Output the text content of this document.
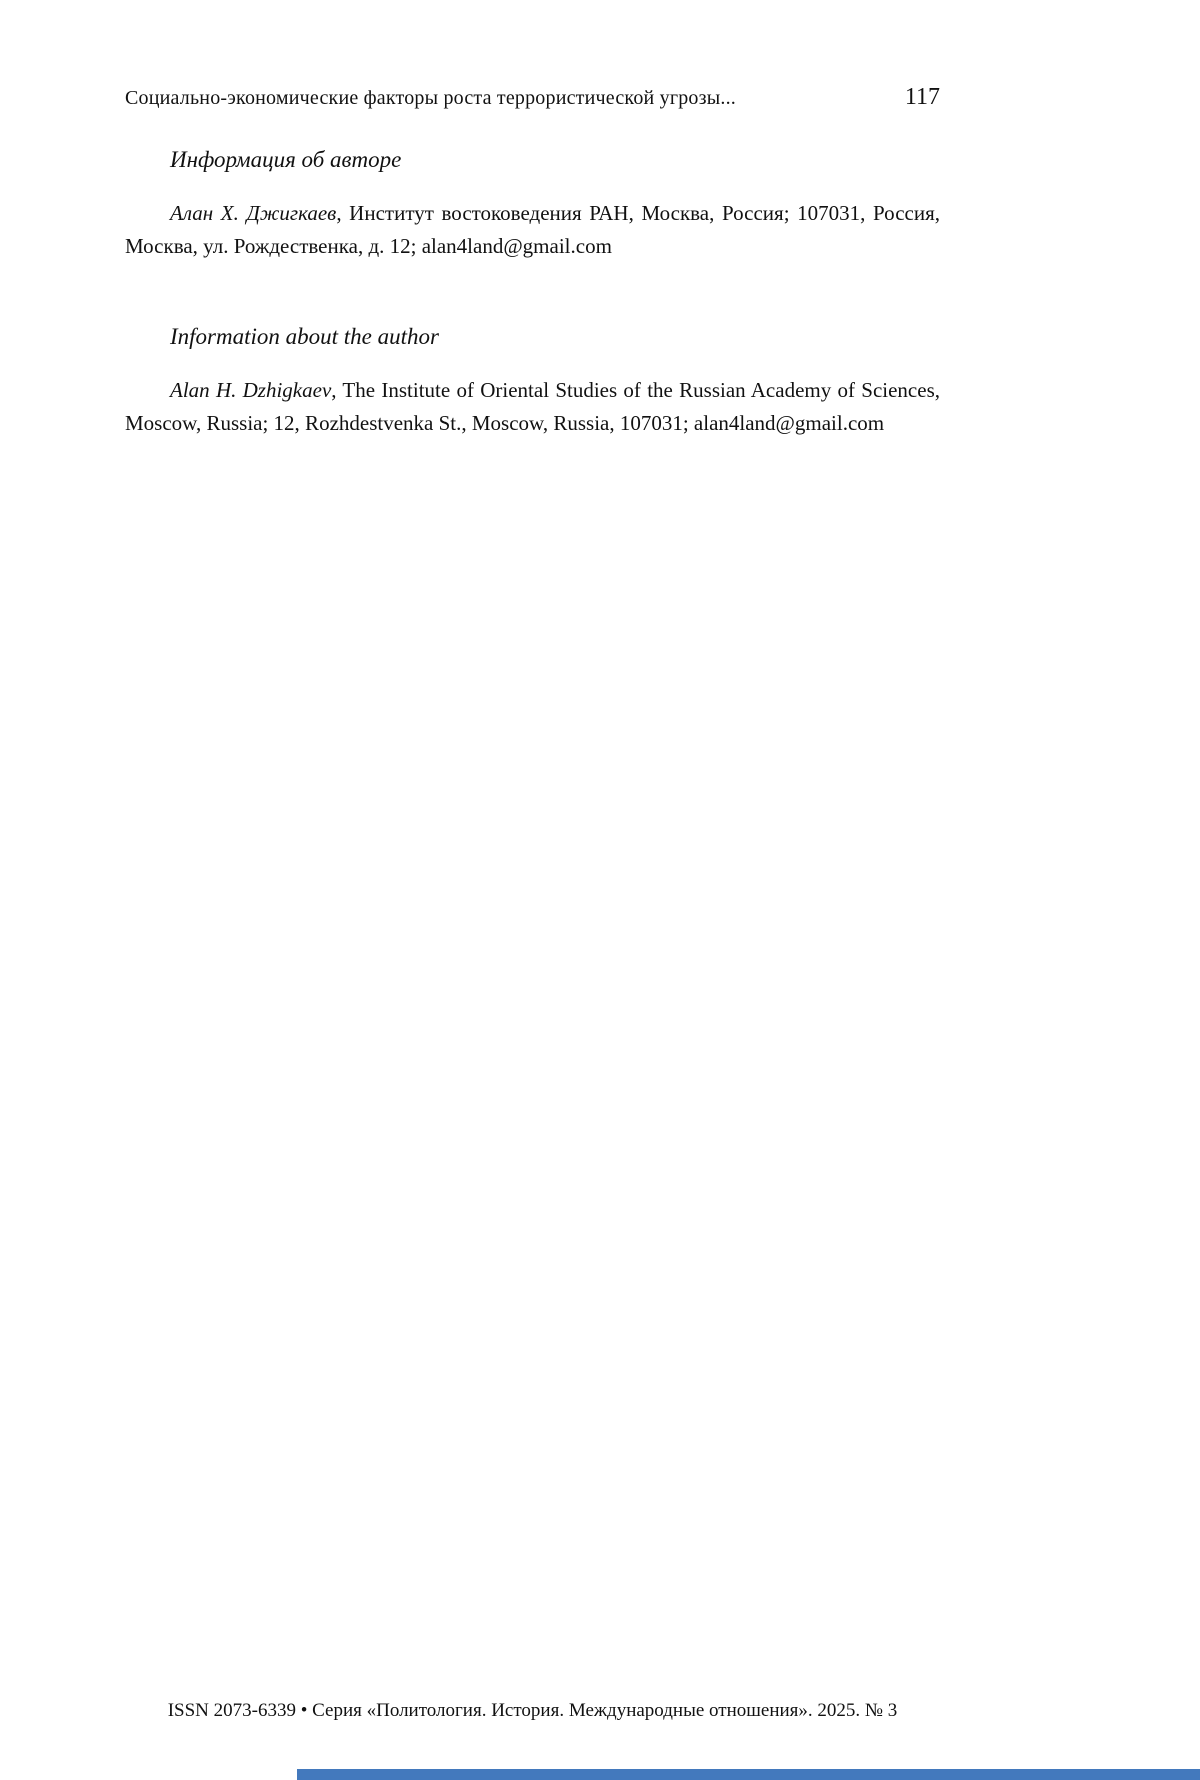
Социально-экономические факторы роста террористической угрозы...	117
Информация об авторе

Алан Х. Джигкаев, Институт востоковедения РАН, Москва, Россия; 107031, Россия, Москва, ул. Рождественка, д. 12; alan4land@gmail.com

Information about the author

Alan H. Dzhigkaev, The Institute of Oriental Studies of the Russian Academy of Sciences, Moscow, Russia; 12, Rozhdestvenka St., Moscow, Russia, 107031; alan4land@gmail.com

ISSN 2073-6339 • Серия «Политология. История. Международные отношения». 2025. № 3
